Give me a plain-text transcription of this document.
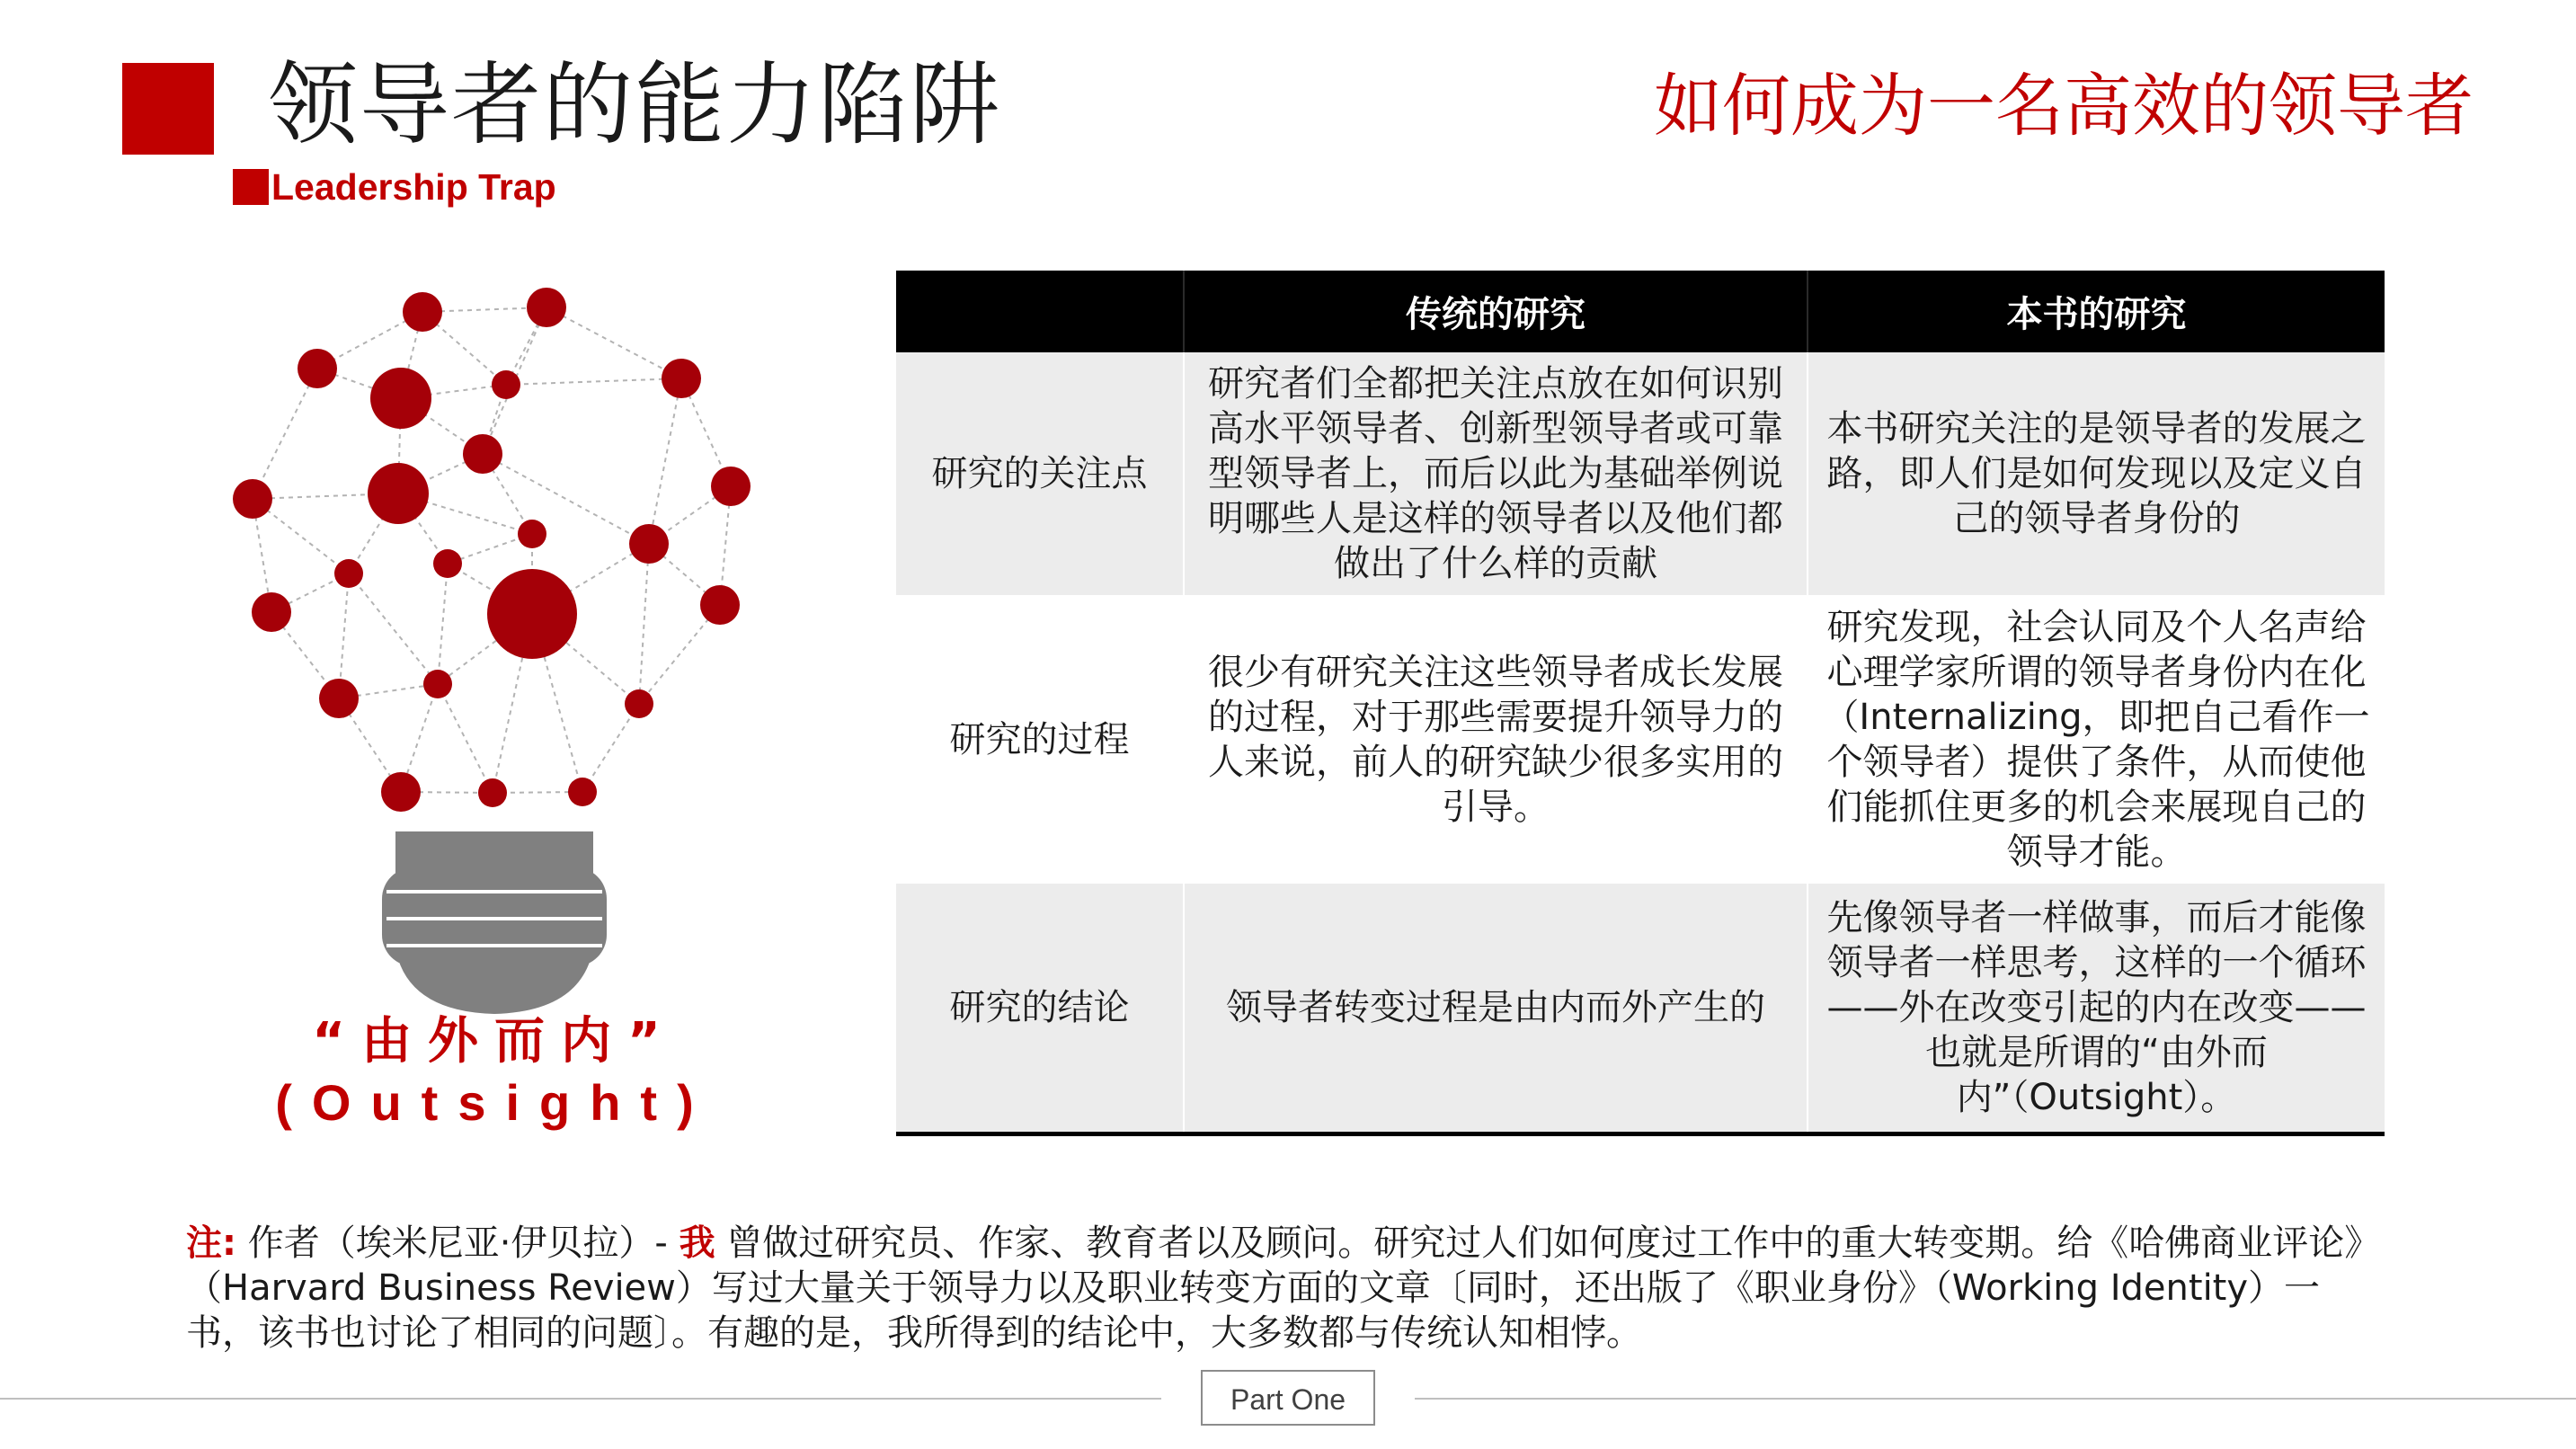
领导者的能力陷阱
Leadership Trap
如何成为一名高效的领导者
“由外而内”
(Outsight)
	传统的研究	本书的研究
研究的关注点	研究者们全都把关注点放在如何识别高水平领导者、创新型领导者或可靠型领导者上，而后以此为基础举例说明哪些人是这样的领导者以及他们都做出了什么样的贡献	本书研究关注的是领导者的发展之路，即人们是如何发现以及定义自己的领导者身份的
研究的过程	很少有研究关注这些领导者成长发展的过程，对于那些需要提升领导力的人来说，前人的研究缺少很多实用的引导。	研究发现，社会认同及个人名声给心理学家所谓的领导者身份内在化（Internalizing，即把自己看作一个领导者）提供了条件，从而使他们能抓住更多的机会来展现自己的领导才能。
研究的结论	领导者转变过程是由内而外产生的	先像领导者一样做事，而后才能像领导者一样思考，这样的一个循环——外在改变引起的内在改变——也就是所谓的“由外而内”（Outsight）。
注: 作者（埃米尼亚·伊贝拉）- 我 曾做过研究员、作家、教育者以及顾问。研究过人们如何度过工作中的重大转变期。给《哈佛商业评论》（Harvard Business Review）写过大量关于领导力以及职业转变方面的文章〔同时，还出版了《职业身份》（Working Identity）一书，该书也讨论了相同的问题〕。有趣的是，我所得到的结论中，大多数都与传统认知相悖。
Part One
